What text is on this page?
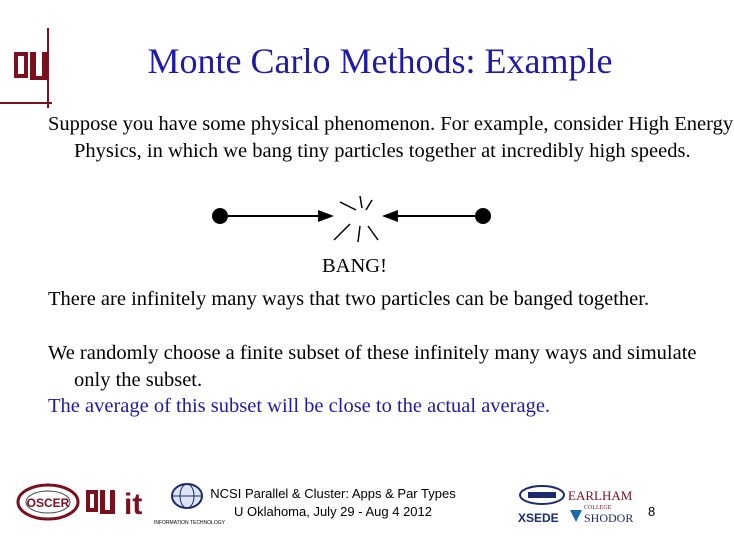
Monte Carlo Methods: Example
Suppose you have some physical phenomenon. For example, consider High Energy Physics, in which we bang tiny particles together at incredibly high speeds.
BANG!
There are infinitely many ways that two particles can be banged together.
We randomly choose a finite subset of these infinitely many ways and simulate only the subset.
The average of this subset will be close to the actual average.
OSCER it
INFORMATION TECHNOLOGY
NCSI Parallel & Cluster: Apps & Par Types
U Oklahoma, July 29 - Aug 4 2012
EARLHAM
COLLEGE
XSEDE SHODOR 8
